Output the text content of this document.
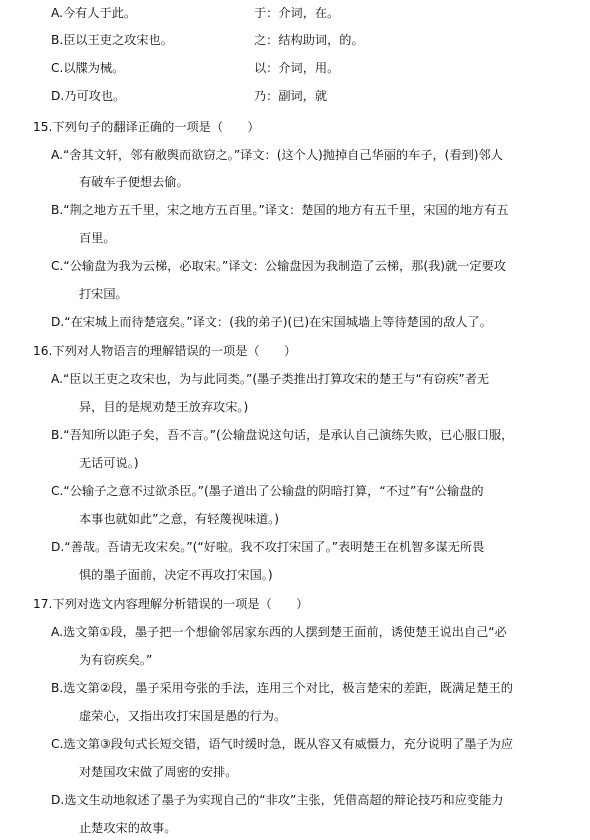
A.今有人于此。	于：介词，在。
B.臣以王吏之攻宋也。	之：结构助词，的。
C.以牒为械。	以：介词，用。
D.乃可攻也。	乃：副词，就
15.下列句子的翻译正确的一项是（　　）
A.“舍其文轩，邻有敝舆而欲窃之。”译文：(这个人)抛掉自己华丽的车子，(看到)邻人
有破车子便想去偷。
B.“荆之地方五千里，宋之地方五百里。”译文：楚国的地方有五千里，宋国的地方有五
百里。
C.“公输盘为我为云梯，必取宋。”译文：公输盘因为我制造了云梯，那(我)就一定要攻
打宋国。
D.“在宋城上而待楚寇矣。”译文：(我的弟子)(已)在宋国城墙上等待楚国的敌人了。
16.下列对人物语言的理解错误的一项是（　　）
A.“臣以王吏之攻宋也，为与此同类。”(墨子类推出打算攻宋的楚王与“有窃疾”者无
异，目的是规劝楚王放弃攻宋。)
B.“吾知所以距子矣，吾不言。”(公输盘说这句话，是承认自己演练失败，已心服口服，
无话可说。)
C.“公输子之意不过欲杀臣。”(墨子道出了公输盘的阴暗打算，“不过”有“公输盘的
本事也就如此”之意，有轻蔑视味道。)
D.“善哉。吾请无攻宋矣。”(“好啦。我不攻打宋国了。”表明楚王在机智多谋无所畏
惧的墨子面前，决定不再攻打宋国。)
17.下列对选文内容理解分析错误的一项是（　　）
A.选文第①段，墨子把一个想偷邻居家东西的人摆到楚王面前，诱使楚王说出自己“必
为有窃疾矣。”
B.选文第②段，墨子采用夸张的手法，连用三个对比，极言楚宋的差距，既满足楚王的
虚荣心，又指出攻打宋国是愚的行为。
C.选文第③段句式长短交错，语气时缓时急，既从容又有威慑力，充分说明了墨子为应
对楚国攻宋做了周密的安排。
D.选文生动地叙述了墨子为实现自己的“非攻”主张，凭借高超的辩论技巧和应变能力
止楚攻宋的故事。
